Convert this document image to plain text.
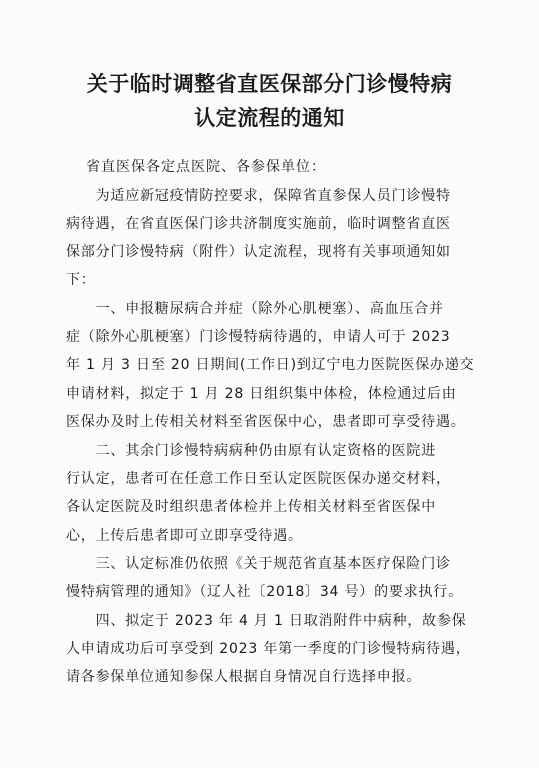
关于临时调整省直医保部分门诊慢特病
认定流程的通知
省直医保各定点医院、各参保单位：
　　为适应新冠疫情防控要求，保障省直参保人员门诊慢特
病待遇，在省直医保门诊共济制度实施前，临时调整省直医
保部分门诊慢特病（附件）认定流程，现将有关事项通知如
下：
　　一、申报糖尿病合并症（除外心肌梗塞）、高血压合并
症（除外心肌梗塞）门诊慢特病待遇的，申请人可于 2023
年 1 月 3 日至 20 日期间(工作日)到辽宁电力医院医保办递交
申请材料，拟定于 1 月 28 日组织集中体检，体检通过后由
医保办及时上传相关材料至省医保中心，患者即可享受待遇。
　　二、其余门诊慢特病病种仍由原有认定资格的医院进
行认定，患者可在任意工作日至认定医院医保办递交材料，
各认定医院及时组织患者体检并上传相关材料至省医保中
心，上传后患者即可立即享受待遇。
　　三、认定标准仍依照《关于规范省直基本医疗保险门诊
慢特病管理的通知》（辽人社〔2018〕34 号）的要求执行。
　　四、拟定于 2023 年 4 月 1 日取消附件中病种，故参保
人申请成功后可享受到 2023 年第一季度的门诊慢特病待遇，
请各参保单位通知参保人根据自身情况自行选择申报。
